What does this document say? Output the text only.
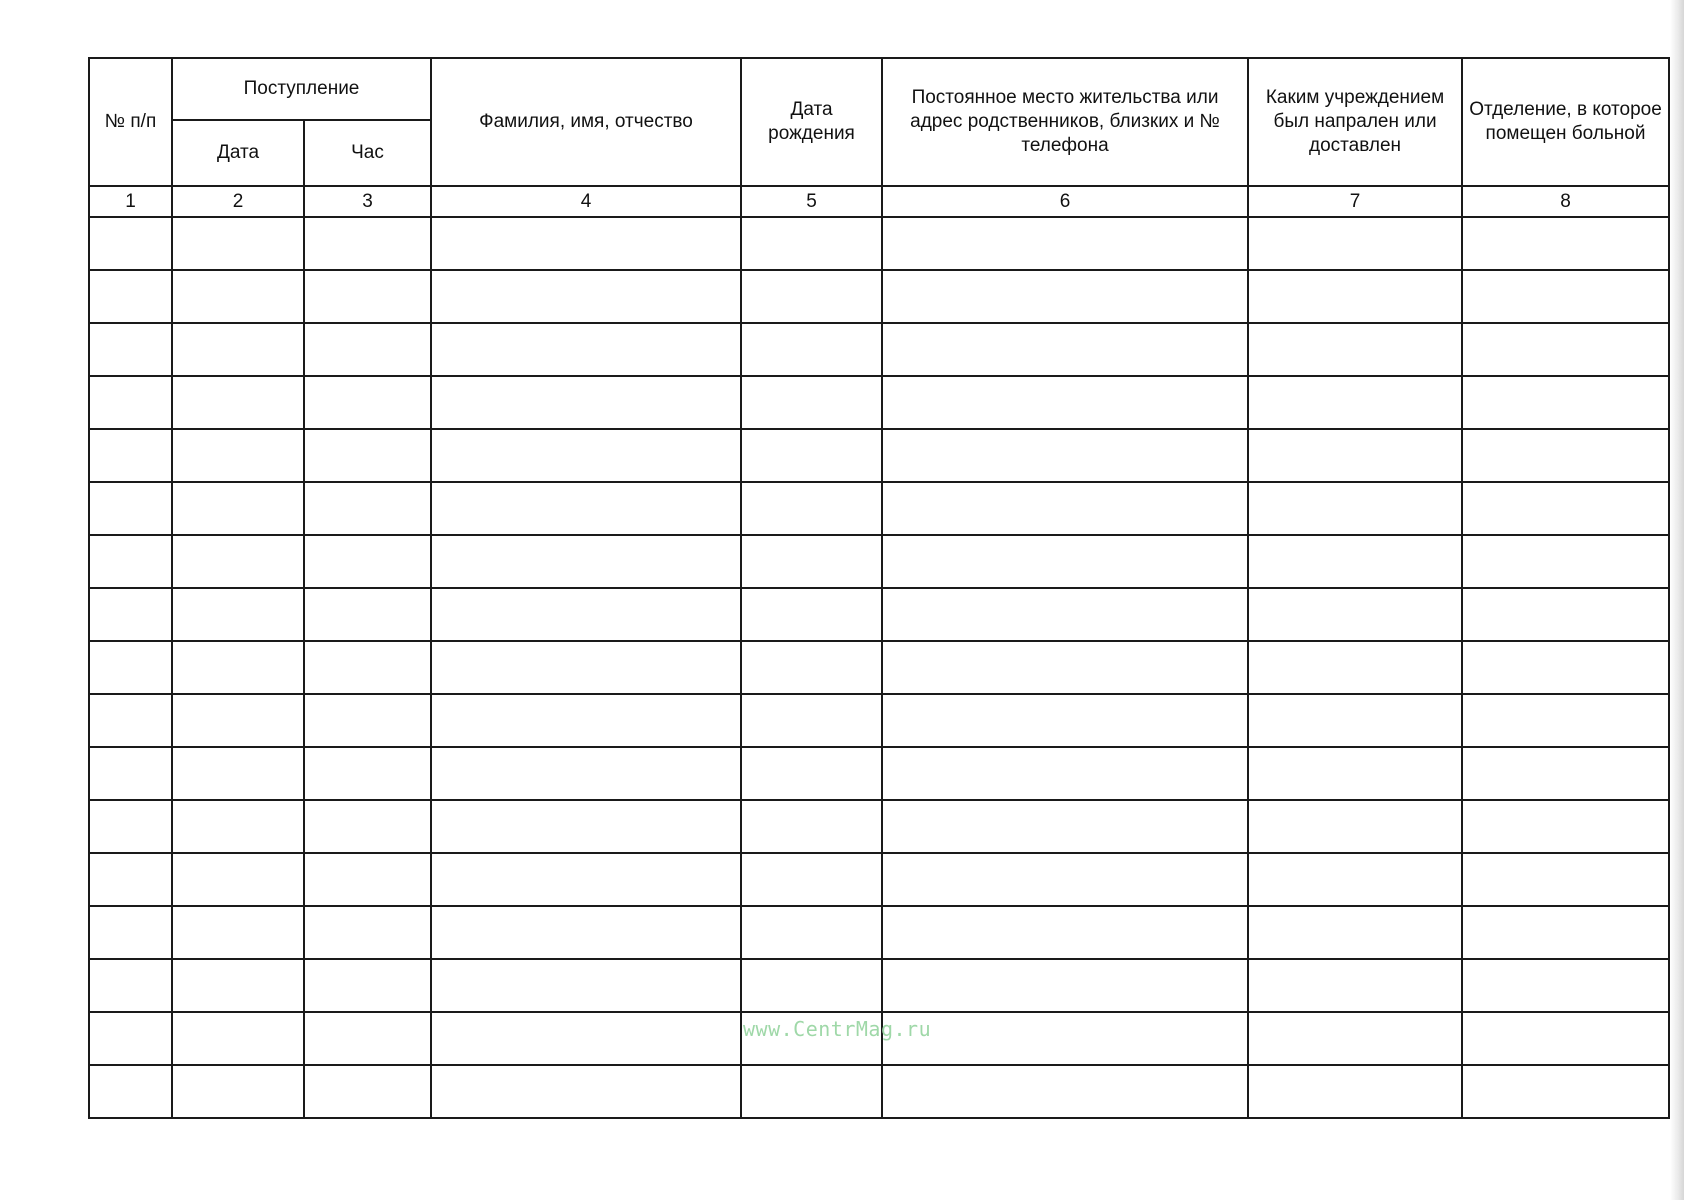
№ п/п	Поступление		Фамилия, имя, отчество	Дата рождения	Постоянное место жительства или адрес родственников, близких и № телефона	Каким учреждением был напрален или доставлен	Отделение, в которое помещен больной

	Дата	Час					

1	2	3	4	5	6	7	8

www.CentrMag.ru
